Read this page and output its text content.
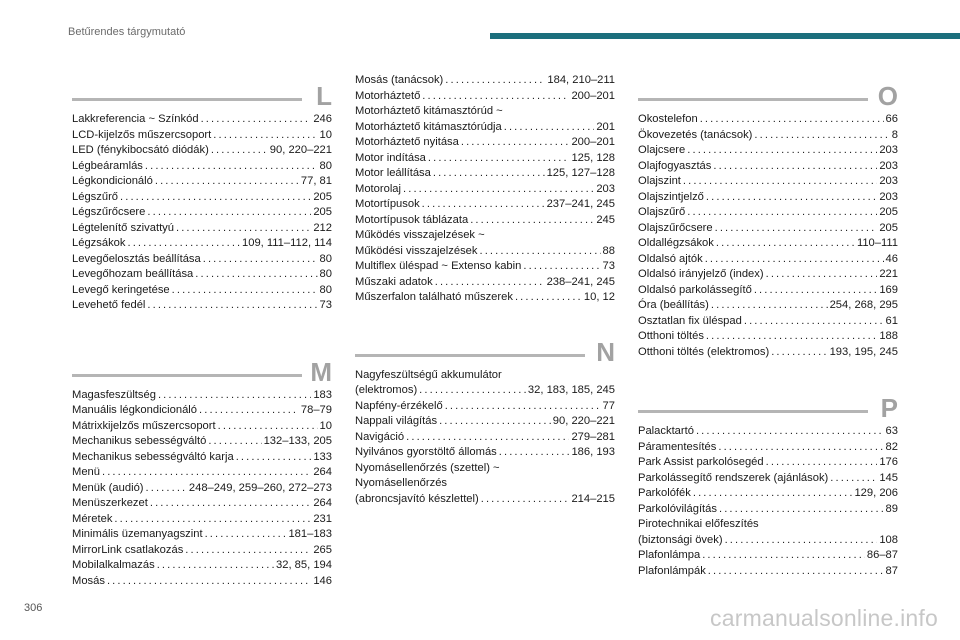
Betűrendes tárgymutató
L
Lakkreferencia ~ Színkód . . .	246
LCD-kijelzős műszercsoport . . .	10
LED (fénykibocsátó diódák) . . .	90, 220–221
Légbeáramlás . . .	80
Légkondicionáló . . .	77, 81
Légszűrő . . .	205
Légszűrőcsere . . .	205
Légtelenítő szivattyú . . .	212
Légzsákok . . .	109, 111–112, 114
Levegőelosztás beállítása . . .	80
Levegőhozam beállítása . . .	80
Levegő keringetése . . .	80
Levehető fedél . . .	73
M
Magasfeszültség . . .	183
Manuális légkondicionáló . . .	78–79
Mátrixkijelzős műszercsoport . . .	10
Mechanikus sebességváltó . . .	132–133, 205
Mechanikus sebességváltó karja . . .	133
Menü . . .	264
Menük (audió) . . .	248–249, 259–260, 272–273
Menüszerkezet . . .	264
Méretek . . .	231
Minimális üzemanyagszint . . .	181–183
MirrorLink csatlakozás . . .	265
Mobilalkalmazás . . .	32, 85, 194
Mosás . . .	146
Mosás (tanácsok) . . .	184, 210–211
Motorháztető . . .	200–201
Motorháztető kitámasztórúd ~
Motorháztető kitámasztórúdja . . .	201
Motorháztető nyitása . . .	200–201
Motor indítása . . .	125, 128
Motor leállítása . . .	125, 127–128
Motorolaj . . .	203
Motortípusok . . .	237–241, 245
Motortípusok táblázata . . .	245
Működés visszajelzések ~
Működési visszajelzések . . .	88
Multiflex üléspad ~ Extenso kabin . . .	73
Műszaki adatok . . .	238–241, 245
Műszerfalon található műszerek . . .	10, 12
N
Nagyfeszültségű akkumulátor
(elektromos) . . .	32, 183, 185, 245
Napfény-érzékelő . . .	77
Nappali világítás . . .	90, 220–221
Navigáció . . .	279–281
Nyilvános gyorstöltő állomás . . .	186, 193
Nyomásellenőrzés (szettel) ~
Nyomásellenőrzés
(abroncsjavító készlettel) . . .	214–215
O
Okostelefon . . .	66
Ökovezetés (tanácsok) . . .	8
Olajcsere . . .	203
Olajfogyasztás . . .	203
Olajszint . . .	203
Olajszintjelző . . .	203
Olajszűrő . . .	205
Olajszűrőcsere . . .	205
Oldallégzsákok . . .	110–111
Oldalsó ajtók . . .	46
Oldalsó irányjelző (index) . . .	221
Oldalsó parkolássegítő . . .	169
Óra (beállítás) . . .	254, 268, 295
Osztatlan fix üléspad . . .	61
Otthoni töltés . . .	188
Otthoni töltés (elektromos) . . .	193, 195, 245
P
Palacktartó . . .	63
Páramentesítés . . .	82
Park Assist parkolósegéd . . .	176
Parkolássegítő rendszerek (ajánlások) . . .	145
Parkolófék . . .	129, 206
Parkolóvilágítás . . .	89
Pirotechnikai előfeszítés
(biztonsági övek) . . .	108
Plafonlámpa . . .	86–87
Plafonlámpák . . .	87
306	carmanualsonline.info
